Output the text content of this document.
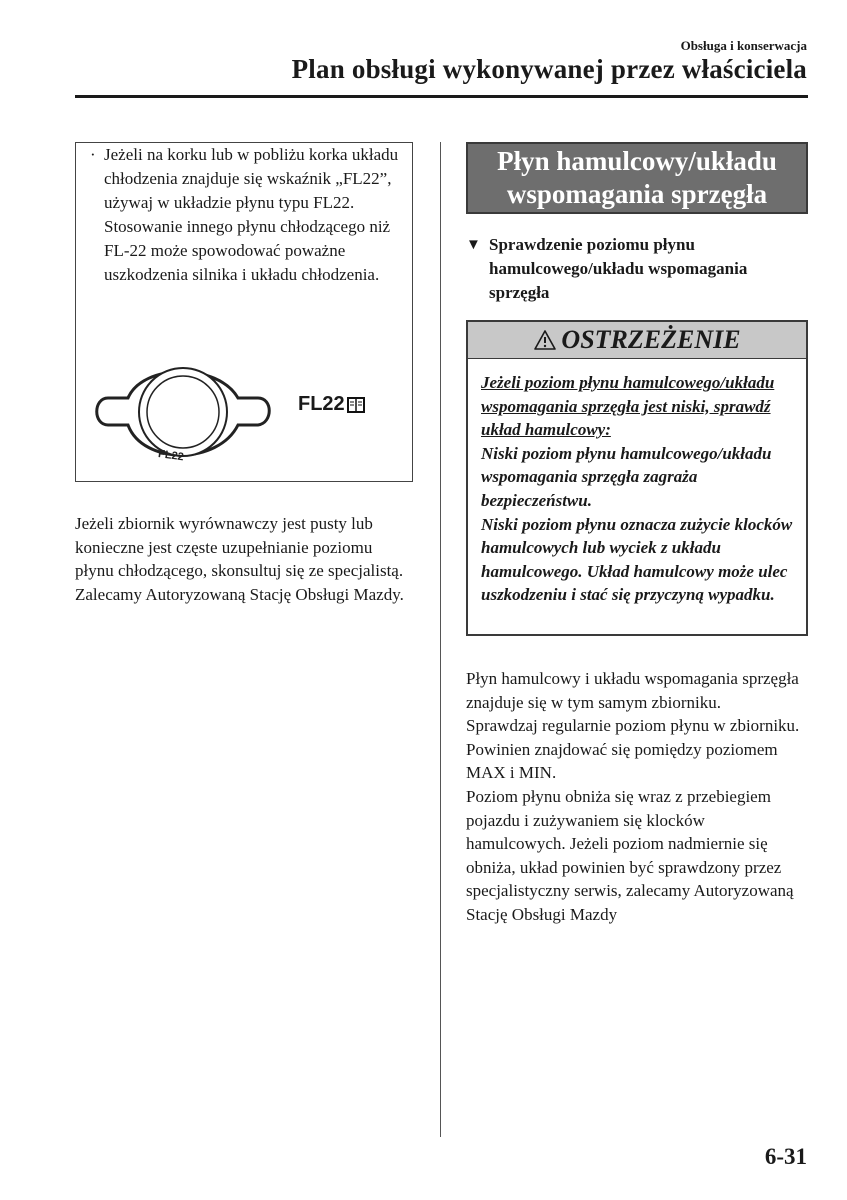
Obsługa i konserwacja
Plan obsługi wykonywanej przez właściciela
· Jeżeli na korku lub w pobliżu korka układu chłodzenia znajduje się wskaźnik „FL22”, używaj w układzie płynu typu FL22. Stosowanie innego płynu chłodzącego niż FL-22 może spowodować poważne uszkodzenia silnika i układu chłodzenia.

FL22
FL22

Jeżeli zbiornik wyrównawczy jest pusty lub konieczne jest częste uzupełnianie poziomu płynu chłodzącego, skonsultuj się ze specjalistą. Zalecamy Autoryzowaną Stację Obsługi Mazdy.

Płyn hamulcowy/układu wspomagania sprzęgła
▼ Sprawdzenie poziomu płynu hamulcowego/układu wspomagania sprzęgła
OSTRZEŻENIE

Jeżeli poziom płynu hamulcowego/układu wspomagania sprzęgła jest niski, sprawdź układ hamulcowy:
Niski poziom płynu hamulcowego/układu wspomagania sprzęgła zagraża bezpieczeństwu.
Niski poziom płynu oznacza zużycie klocków hamulcowych lub wyciek z układu hamulcowego. Układ hamulcowy może ulec uszkodzeniu i stać się przyczyną wypadku.

Płyn hamulcowy i układu wspomagania sprzęgła znajduje się w tym samym zbiorniku.

Sprawdzaj regularnie poziom płynu w zbiorniku. Powinien znajdować się pomiędzy poziomem MAX i MIN.

Poziom płynu obniża się wraz z przebiegiem pojazdu i zużywaniem się klocków hamulcowych. Jeżeli poziom nadmiernie się obniża, układ powinien być sprawdzony przez specjalistyczny serwis, zalecamy Autoryzowaną Stację Obsługi Mazdy

6-31
